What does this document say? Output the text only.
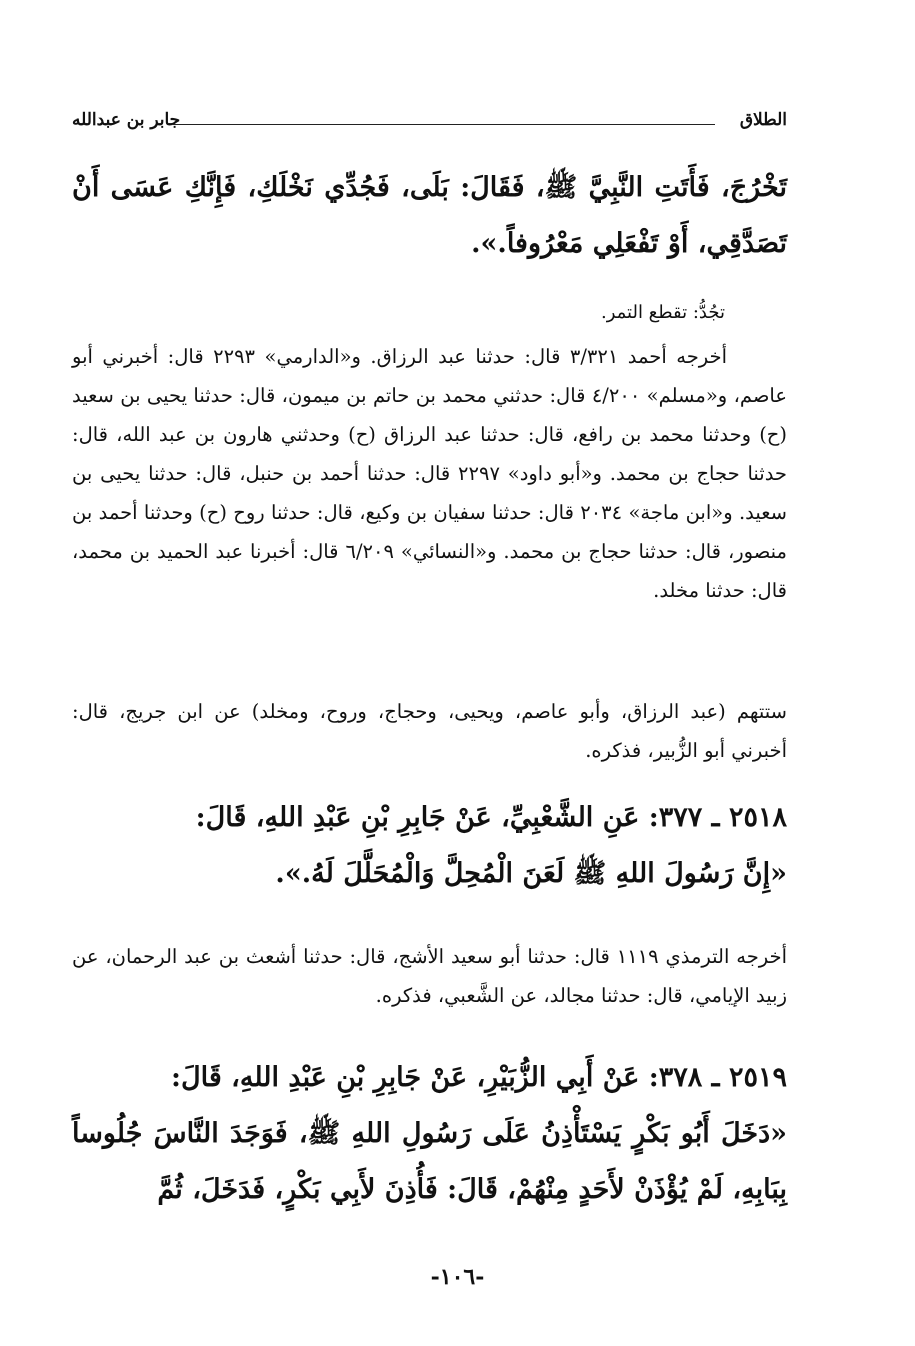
جابر بن عبدالله	الطلاق
تَخْرُجَ، فَأَتَتِ النَّبِيَّ ﷺ، فَقَالَ: بَلَى، فَجُدِّي نَخْلَكِ، فَإِنَّكِ عَسَى أَنْ تَصَدَّقِي، أَوْ تَفْعَلِي مَعْرُوفاً.».
تجُدُّ: تقطع التمر.
أخرجه أحمد ٣/٣٢١ قال: حدثنا عبد الرزاق. و«الدارمي» ٢٢٩٣ قال: أخبرني أبو عاصم، و«مسلم» ٤/٢٠٠ قال: حدثني محمد بن حاتم بن ميمون، قال: حدثنا يحيى بن سعيد (ح) وحدثنا محمد بن رافع، قال: حدثنا عبد الرزاق (ح) وحدثني هارون بن عبد الله، قال: حدثنا حجاج بن محمد. و«أبو داود» ٢٢٩٧ قال: حدثنا أحمد بن حنبل، قال: حدثنا يحيى بن سعيد. و«ابن ماجة» ٢٠٣٤ قال: حدثنا سفيان بن وكيع، قال: حدثنا روح (ح) وحدثنا أحمد بن منصور، قال: حدثنا حجاج بن محمد. و«النسائي» ٦/٢٠٩ قال: أخبرنا عبد الحميد بن محمد، قال: حدثنا مخلد.
ستتهم (عبد الرزاق، وأبو عاصم، ويحيى، وحجاج، وروح، ومخلد) عن ابن جريج، قال: أخبرني أبو الزُّبير، فذكره.
٢٥١٨ ـ ٣٧٧: عَنِ الشَّعْبِيِّ، عَنْ جَابِرِ بْنِ عَبْدِ اللهِ، قَالَ:
«إِنَّ رَسُولَ اللهِ ﷺ لَعَنَ الْمُحِلَّ وَالْمُحَلَّلَ لَهُ.».
أخرجه الترمذي ١١١٩ قال: حدثنا أبو سعيد الأشج، قال: حدثنا أشعث بن عبد الرحمان، عن زبيد الإيامي، قال: حدثنا مجالد، عن الشَّعبي، فذكره.
٢٥١٩ ـ ٣٧٨: عَنْ أَبِي الزُّبَيْرِ، عَنْ جَابِرِ بْنِ عَبْدِ اللهِ، قَالَ:
«دَخَلَ أَبُو بَكْرٍ يَسْتَأْذِنُ عَلَى رَسُولِ اللهِ ﷺ، فَوَجَدَ النَّاسَ جُلُوساً بِبَابِهِ، لَمْ يُؤْذَنْ لأَحَدٍ مِنْهُمْ، قَالَ: فَأُذِنَ لأَبِي بَكْرٍ، فَدَخَلَ، ثُمَّ
-١٠٦-
